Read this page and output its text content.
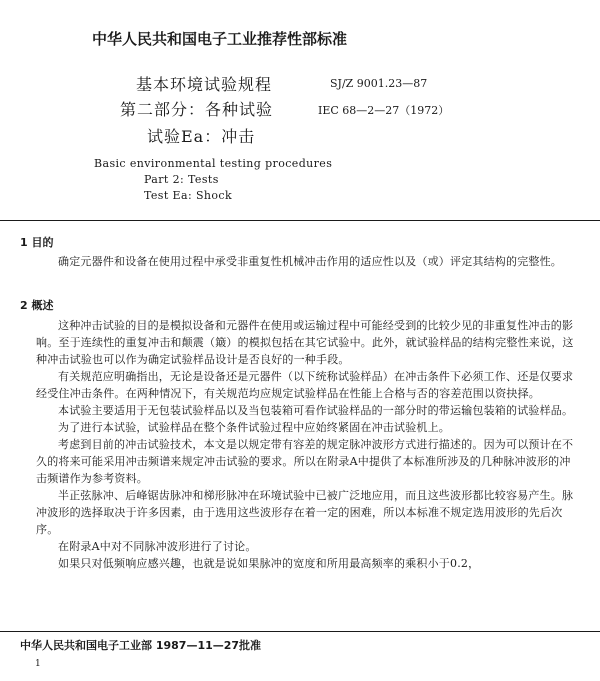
中华人民共和国电子工业推荐性部标准
基本环境试验规程
第二部分：各种试验
试验Ea：冲击
SJ/Z 9001.23—87
IEC 68—2—27（1972）
Basic environmental testing procedures
Part 2: Tests
Test Ea: Shock
1 目的

确定元器件和设备在使用过程中承受非重复性机械冲击作用的适应性以及（或）评定其结构的完整性。

2 概述

这种冲击试验的目的是模拟设备和元器件在使用或运输过程中可能经受到的比较少见的非重复性冲击的影响。至于连续性的重复冲击和颠震（簸）的模拟包括在其它试验中。此外，就试验样品的结构完整性来说，这种冲击试验也可以作为确定试验样品设计是否良好的一种手段。

有关规范应明确指出，无论是设备还是元器件（以下统称试验样品）在冲击条件下必须工作、还是仅要求经受住冲击条件。在两种情况下，有关规范均应规定试验样品在性能上合格与否的容差范围以资抉择。

本试验主要适用于无包装试验样品以及当包装箱可看作试验样品的一部分时的带运输包装箱的试验样品。

为了进行本试验，试验样品在整个条件试验过程中应始终紧固在冲击试验机上。

考虑到目前的冲击试验技术，本文是以规定带有容差的规定脉冲波形方式进行描述的。因为可以预计在不久的将来可能采用冲击频谱来规定冲击试验的要求。所以在附录A中提供了本标准所涉及的几种脉冲波形的冲击频谱作为参考资料。

半正弦脉冲、后峰锯齿脉冲和梯形脉冲在环境试验中已被广泛地应用，而且这些波形都比较容易产生。脉冲波形的选择取决于许多因素，由于选用这些波形存在着一定的困难，所以本标准不规定选用波形的先后次序。

在附录A中对不同脉冲波形进行了讨论。

如果只对低频响应感兴趣，也就是说如果脉冲的宽度和所用最高频率的乘积小于0.2，

中华人民共和国电子工业部 1987—11—27批准
1
